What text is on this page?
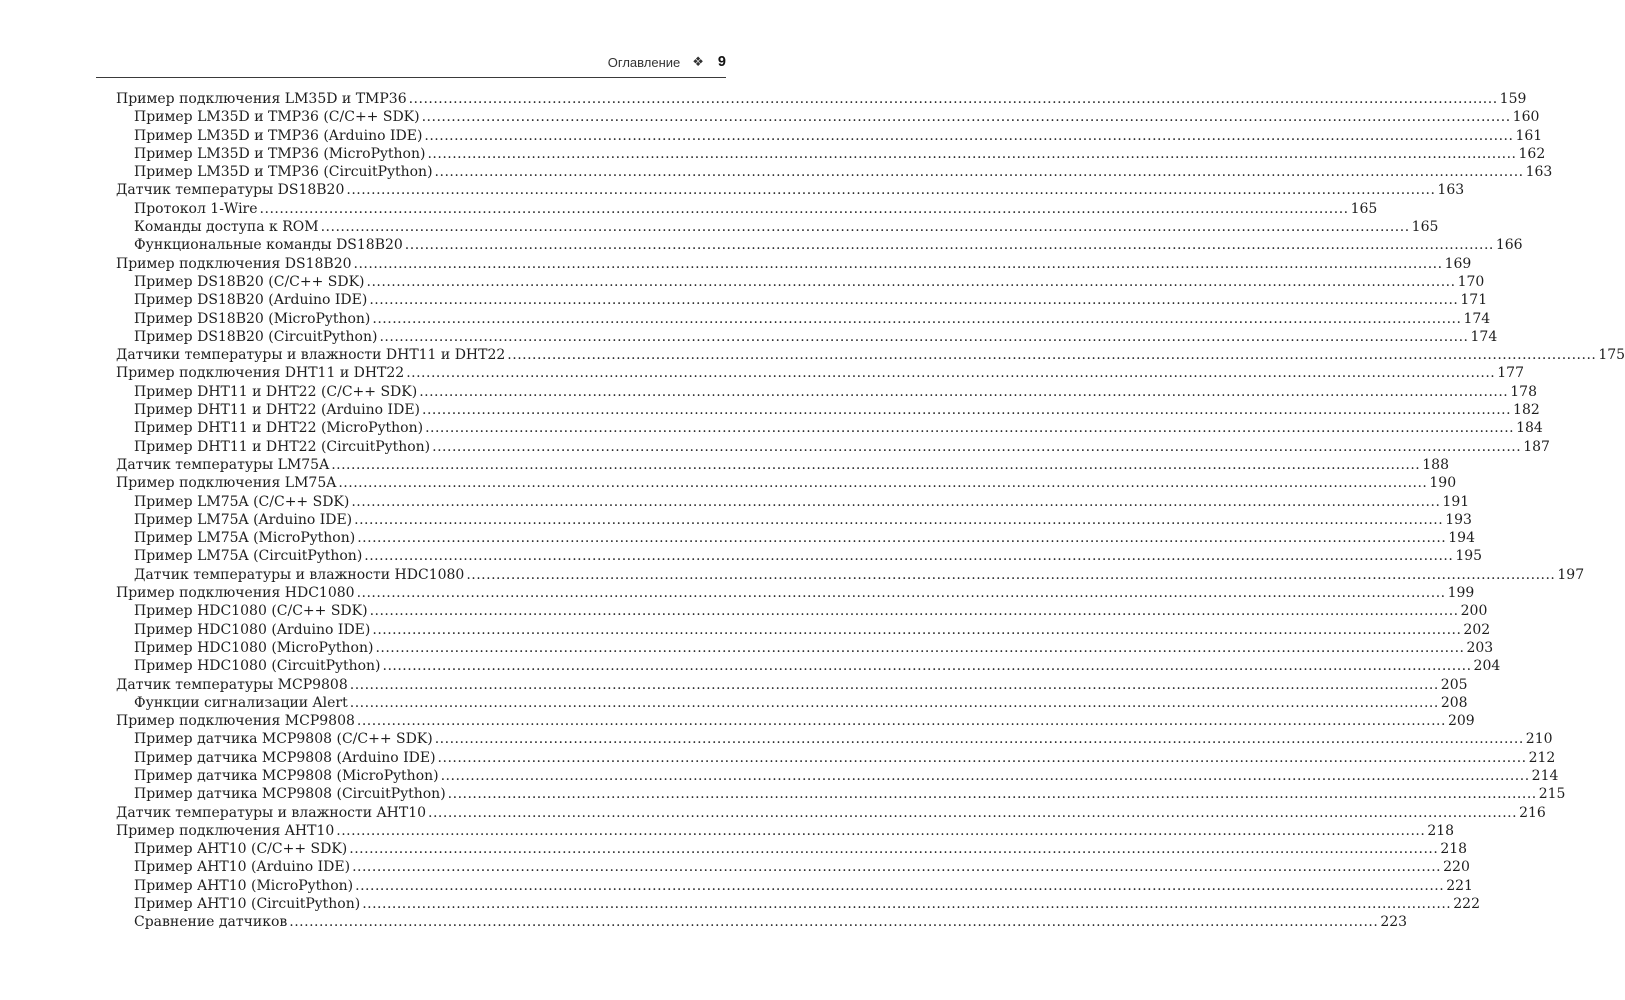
Оглавление ❖ 9
Пример подключения LM35D и TMP36 ............................................................................................................................................................................................................................ 159
Пример LM35D и TMP36 (C/C++ SDK) ............................................................................................................................................................................................................................ 160
Пример LM35D и TMP36 (Arduino IDE) ............................................................................................................................................................................................................................ 161
Пример LM35D и TMP36 (MicroPython) ............................................................................................................................................................................................................................ 162
Пример LM35D и TMP36 (CircuitPython) ............................................................................................................................................................................................................................ 163
Датчик температуры DS18B20 ............................................................................................................................................................................................................................ 163
Протокол 1-Wire ............................................................................................................................................................................................................................ 165
Команды доступа к ROM ............................................................................................................................................................................................................................ 165
Функциональные команды DS18B20 ............................................................................................................................................................................................................................ 166
Пример подключения DS18B20 ............................................................................................................................................................................................................................ 169
Пример DS18B20 (C/C++ SDK) ............................................................................................................................................................................................................................ 170
Пример DS18B20 (Arduino IDE) ............................................................................................................................................................................................................................ 171
Пример DS18B20 (MicroPython) ............................................................................................................................................................................................................................ 174
Пример DS18B20 (CircuitPython) ............................................................................................................................................................................................................................ 174
Датчики температуры и влажности DHT11 и DHT22 ............................................................................................................................................................................................................................ 175
Пример подключения DHT11 и DHT22 ............................................................................................................................................................................................................................ 177
Пример DHT11 и DHT22 (C/C++ SDK) ............................................................................................................................................................................................................................ 178
Пример DHT11 и DHT22 (Arduino IDE) ............................................................................................................................................................................................................................ 182
Пример DHT11 и DHT22 (MicroPython) ............................................................................................................................................................................................................................ 184
Пример DHT11 и DHT22 (CircuitPython) ............................................................................................................................................................................................................................ 187
Датчик температуры LM75A ............................................................................................................................................................................................................................ 188
Пример подключения LM75A ............................................................................................................................................................................................................................ 190
Пример LM75A (C/C++ SDK) ............................................................................................................................................................................................................................ 191
Пример LM75A (Arduino IDE) ............................................................................................................................................................................................................................ 193
Пример LM75A (MicroPython) ............................................................................................................................................................................................................................ 194
Пример LM75A (CircuitPython) ............................................................................................................................................................................................................................ 195
Датчик температуры и влажности HDC1080 ............................................................................................................................................................................................................................ 197
Пример подключения HDC1080 ............................................................................................................................................................................................................................ 199
Пример HDC1080 (C/C++ SDK) ............................................................................................................................................................................................................................ 200
Пример HDC1080 (Arduino IDE) ............................................................................................................................................................................................................................ 202
Пример HDC1080 (MicroPython) ............................................................................................................................................................................................................................ 203
Пример HDC1080 (CircuitPython) ............................................................................................................................................................................................................................ 204
Датчик температуры MCP9808 ............................................................................................................................................................................................................................ 205
Функции сигнализации Alert ............................................................................................................................................................................................................................ 208
Пример подключения MCP9808 ............................................................................................................................................................................................................................ 209
Пример датчика MCP9808 (C/C++ SDK) ............................................................................................................................................................................................................................ 210
Пример датчика MCP9808 (Arduino IDE) ............................................................................................................................................................................................................................ 212
Пример датчика MCP9808 (MicroPython) ............................................................................................................................................................................................................................ 214
Пример датчика MCP9808 (CircuitPython) ............................................................................................................................................................................................................................ 215
Датчик температуры и влажности AHT10 ............................................................................................................................................................................................................................ 216
Пример подключения AHT10 ............................................................................................................................................................................................................................ 218
Пример AHT10 (C/C++ SDK) ............................................................................................................................................................................................................................ 218
Пример AHT10 (Arduino IDE) ............................................................................................................................................................................................................................ 220
Пример AHT10 (MicroPython) ............................................................................................................................................................................................................................ 221
Пример AHT10 (CircuitPython) ............................................................................................................................................................................................................................ 222
Сравнение датчиков ............................................................................................................................................................................................................................ 223
